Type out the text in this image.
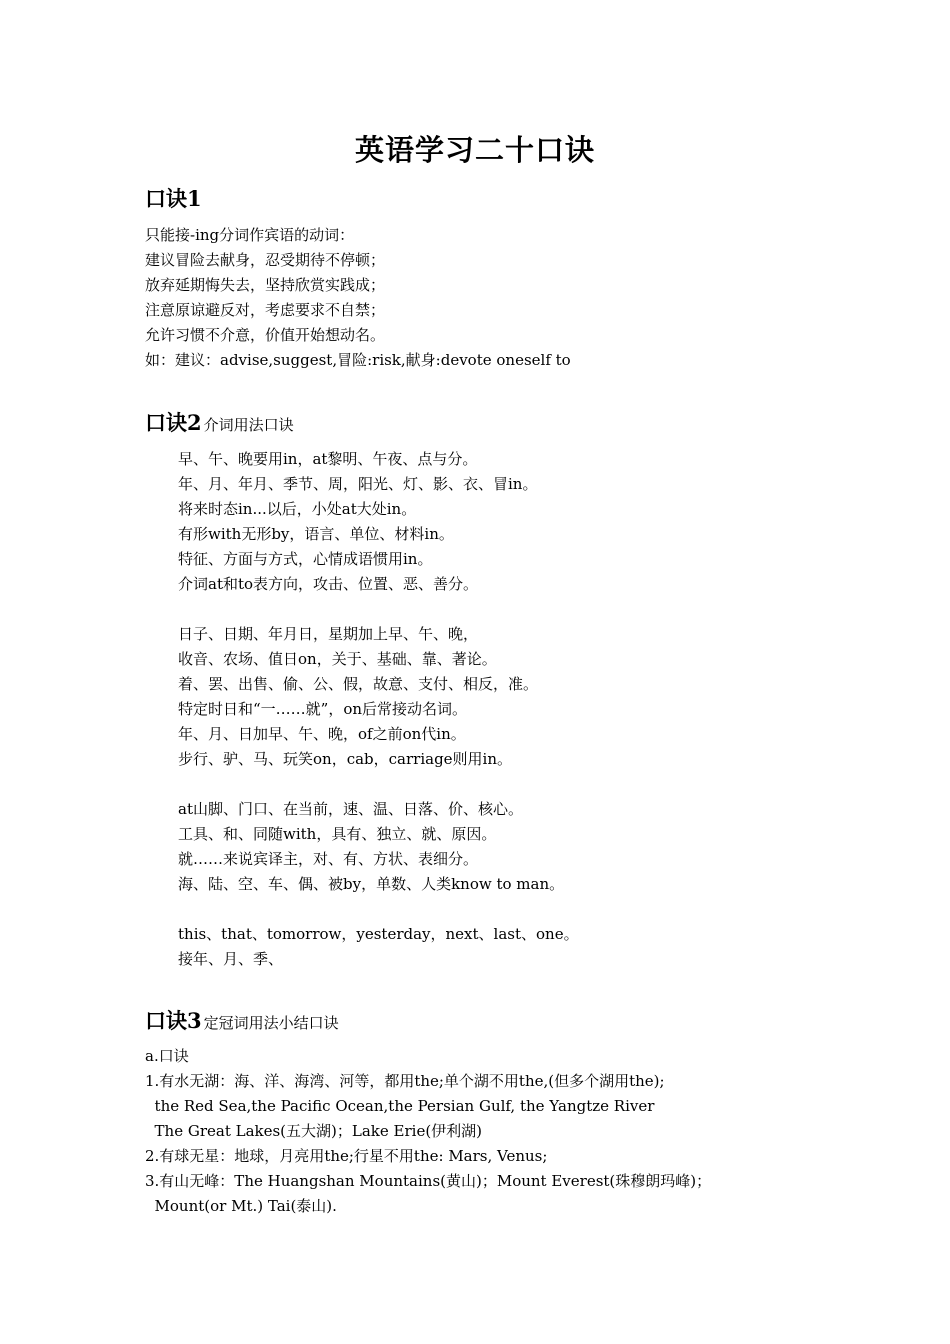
英语学习二十口诀
口诀1
只能接-ing分词作宾语的动词：
建议冒险去献身，忍受期待不停顿；
放弃延期悔失去，坚持欣赏实践成；
注意原谅避反对，考虑要求不自禁；
允许习惯不介意，价值开始想动名。
如：建议：advise,suggest,冒险:risk,献身:devote oneself to
口诀2 介词用法口诀
早、午、晚要用in，at黎明、午夜、点与分。
年、月、年月、季节、周，阳光、灯、影、衣、冒in。
将来时态in...以后，小处at大处in。
有形with无形by，语言、单位、材料in。
特征、方面与方式，心情成语惯用in。
介词at和to表方向，攻击、位置、恶、善分。
日子、日期、年月日，星期加上早、午、晚，
收音、农场、值日on，关于、基础、靠、著论。
着、罢、出售、偷、公、假，故意、支付、相反，准。
特定时日和“一……就”，on后常接动名词。
年、月、日加早、午、晚，of之前on代in。
步行、驴、马、玩笑on，cab，carriage则用in。
at山脚、门口、在当前，速、温、日落、价、核心。
工具、和、同随with，具有、独立、就、原因。
就……来说宾译主，对、有、方状、表细分。
海、陆、空、车、偶、被by，单数、人类know to man。
this、that、tomorrow，yesterday，next、last、one。
接年、月、季、
口诀3 定冠词用法小结口诀
a.口诀
1.有水无湖：海、洋、海湾、河等，都用the;单个湖不用the,(但多个湖用the);
the Red Sea,the Pacific Ocean,the Persian Gulf, the Yangtze River
The Great Lakes(五大湖)；Lake Erie(伊利湖)
2.有球无星：地球，月亮用the;行星不用the: Mars, Venus;
3.有山无峰：The Huangshan Mountains(黄山)；Mount Everest(珠穆朗玛峰)；
Mount(or Mt.) Tai(泰山).
